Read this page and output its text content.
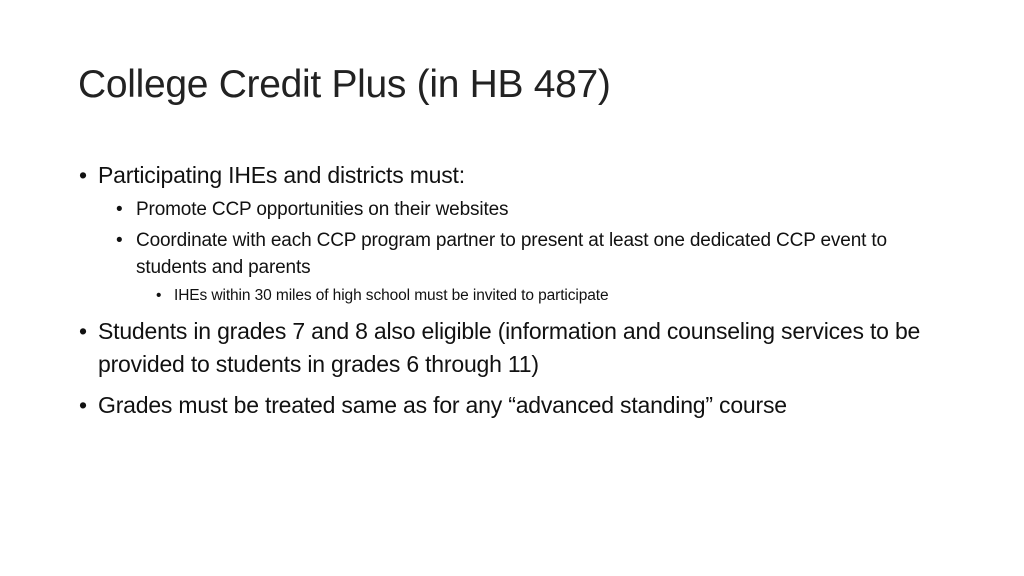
College Credit Plus (in HB 487)
• Participating IHEs and districts must:
• Promote CCP opportunities on their websites
• Coordinate with each CCP program partner to present at least one dedicated CCP event to students and parents
• IHEs within 30 miles of high school must be invited to participate
• Students in grades 7 and 8 also eligible (information and counseling services to be provided to students in grades 6 through 11)
• Grades must be treated same as for any “advanced standing” course
